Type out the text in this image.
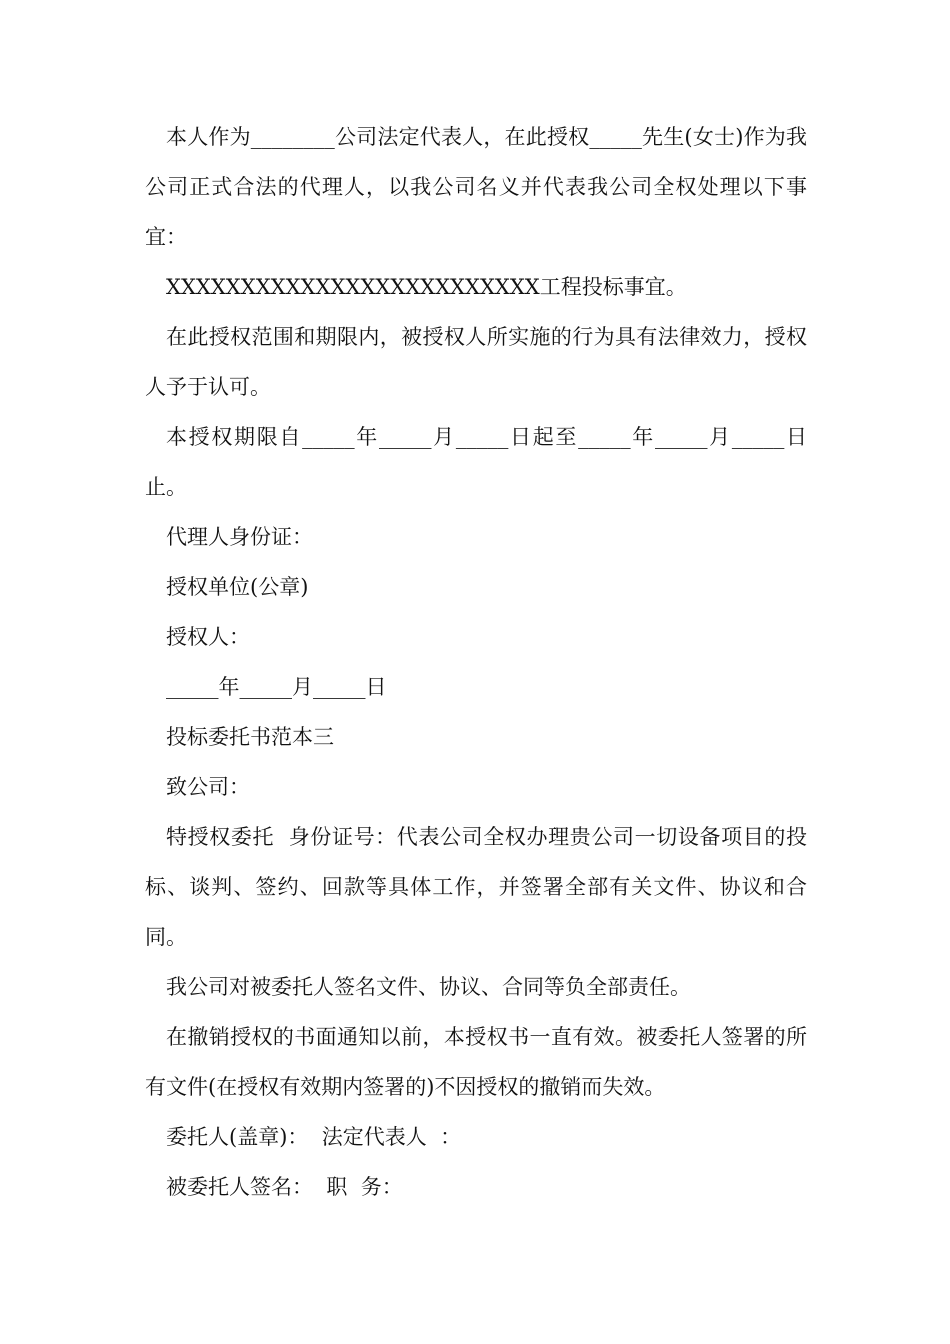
本人作为________公司法定代表人，在此授权_____先生(女士)作为我公司正式合法的代理人，以我公司名义并代表我公司全权处理以下事宜：

XXXXXXXXXXXXXXXXXXXXXXXXX工程投标事宜。

在此授权范围和期限内，被授权人所实施的行为具有法律效力，授权人予于认可。

本授权期限自_____年_____月_____日起至_____年_____月_____日止。

代理人身份证：

授权单位(公章)

授权人：

_____年_____月_____日

投标委托书范本三

致公司：

特授权委托  身份证号：代表公司全权办理贵公司一切设备项目的投标、谈判、签约、回款等具体工作，并签署全部有关文件、协议和合同。

我公司对被委托人签名文件、协议、合同等负全部责任。

在撤销授权的书面通知以前，本授权书一直有效。被委托人签署的所有文件(在授权有效期内签署的)不因授权的撤销而失效。

委托人(盖章)：  法定代表人  ：

被委托人签名：  职  务：
